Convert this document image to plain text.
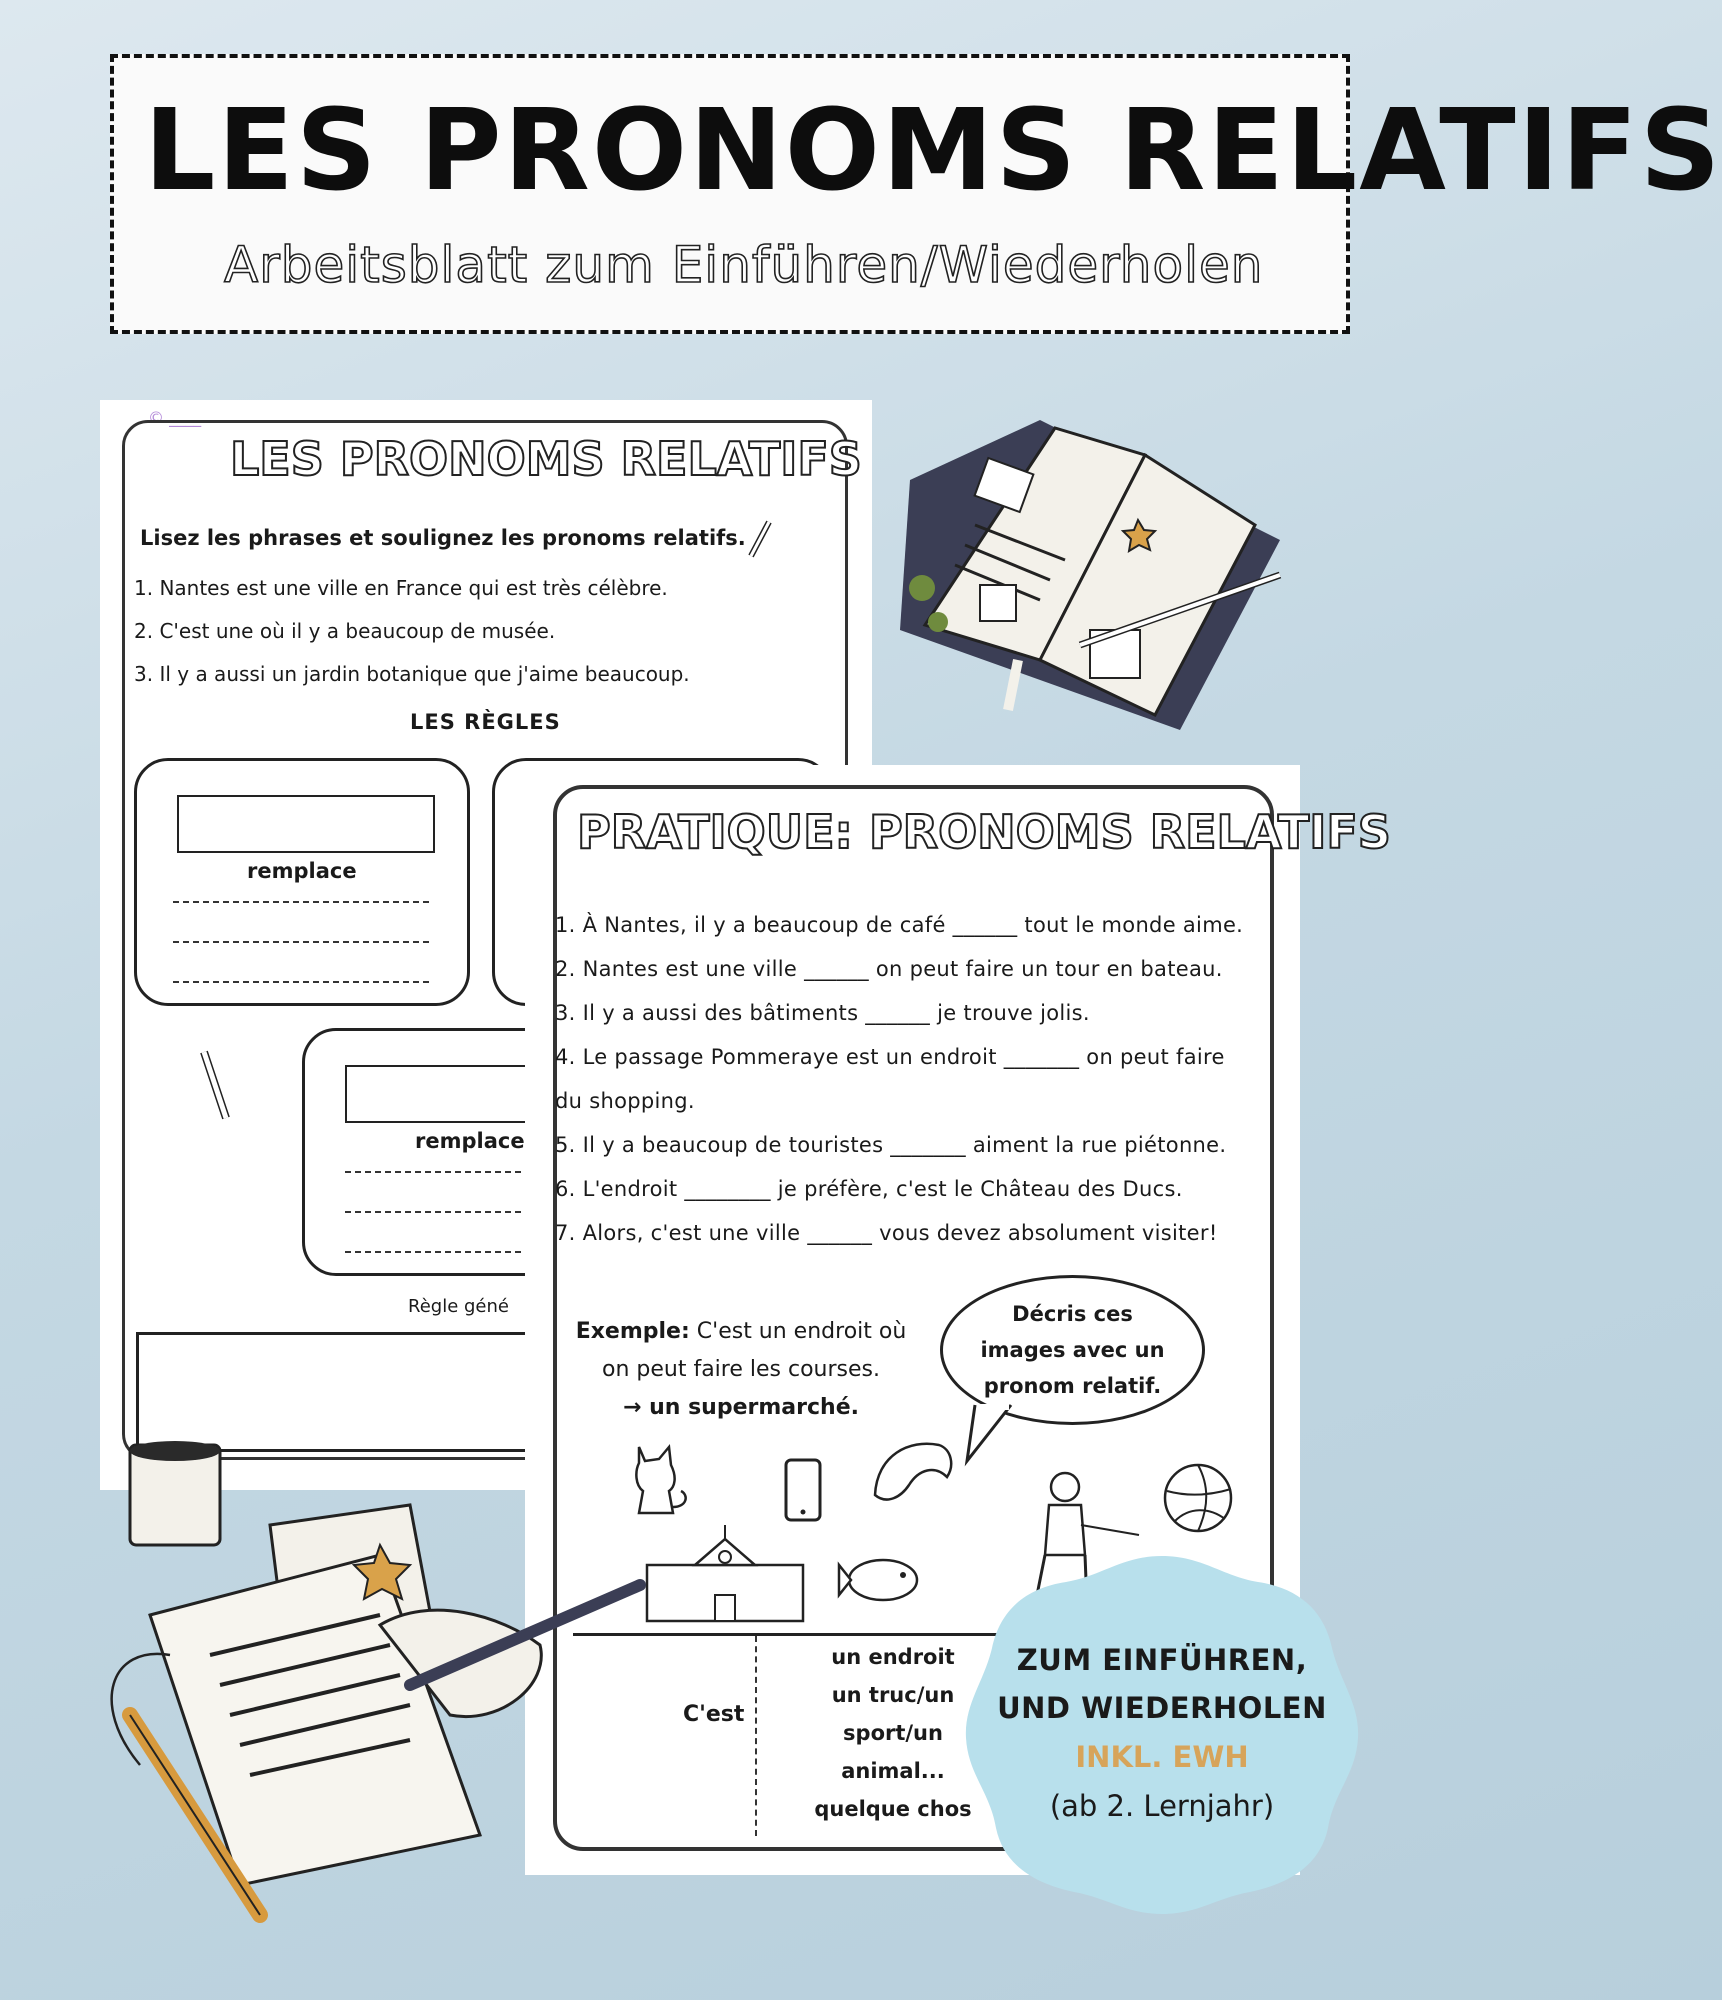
LES PRONOMS RELATIFS
Arbeitsblatt zum Einführen/Wiederholen
© ____
LES PRONOMS RELATIFS
Lisez les phrases et soulignez les pronoms relatifs.
1. Nantes est une ville en France qui est très célèbre.
2. C'est une où il y a beaucoup de musée.
3. Il y a aussi un jardin botanique que j'aime beaucoup.
LES RÈGLES
remplace
remplace
Règle géné
PRATIQUE: PRONOMS RELATIFS
1. À Nantes, il y a beaucoup de café ______ tout le monde aime.
2. Nantes est une ville ______ on peut faire un tour en bateau.
3. Il y a aussi des bâtiments ______ je trouve jolis.
4. Le passage Pommeraye est un endroit _______ on peut faire
du shopping.
5. Il y a beaucoup de touristes _______ aiment la rue piétonne.
6. L'endroit ________ je préfère, c'est le Château des Ducs.
7. Alors, c'est une ville ______ vous devez absolument visiter!
Exemple: C'est un endroit où on peut faire les courses.
→ un supermarché.
Décris ces images avec un pronom relatif.
C'est
un endroit
un truc/un
sport/un
animal...
quelque chos
ZUM EINFÜHREN,
UND WIEDERHOLEN
INKL. EWH
(ab 2. Lernjahr)
